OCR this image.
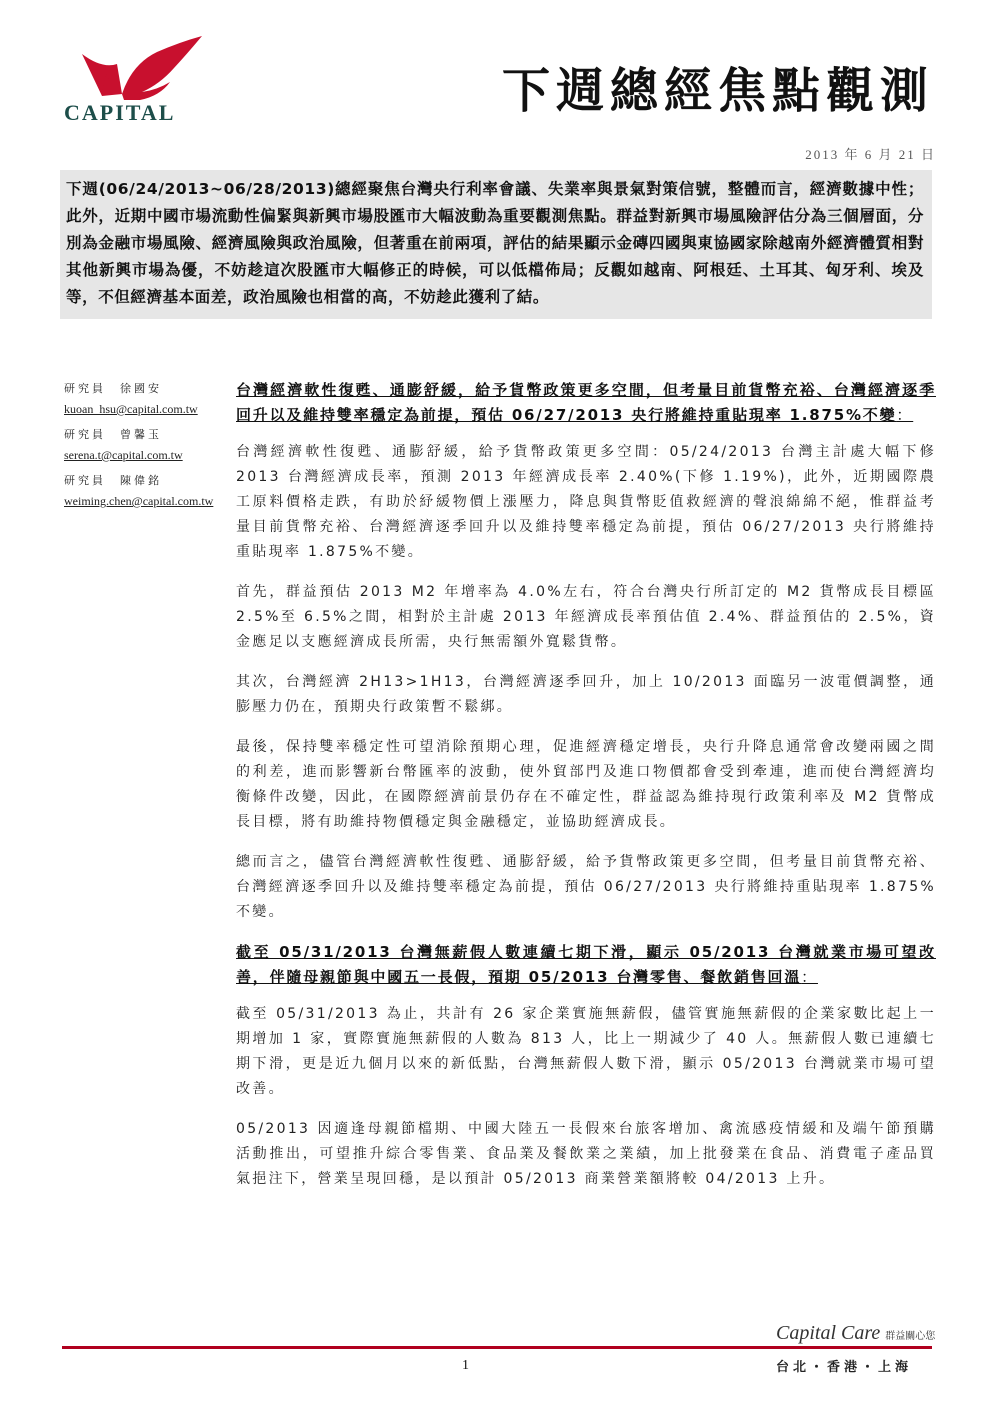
CAPITAL	下週總經焦點觀測
2013 年 6 月 21 日
下週(06/24/2013~06/28/2013)總經聚焦台灣央行利率會議、失業率與景氣對策信號，整體而言，經濟數據中性；此外，近期中國市場流動性偏緊與新興市場股匯市大幅波動為重要觀測焦點。群益對新興市場風險評估分為三個層面，分別為金融市場風險、經濟風險與政治風險，但著重在前兩項，評估的結果顯示金磚四國與東協國家除越南外經濟體質相對其他新興市場為優，不妨趁這次股匯市大幅修正的時候，可以低檔佈局；反觀如越南、阿根廷、土耳其、匈牙利、埃及等，不但經濟基本面差，政治風險也相當的高，不妨趁此獲利了結。
研究員　徐國安
kuoan_hsu@capital.com.tw
研究員　曾馨玉
serena.t@capital.com.tw
研究員　陳偉銘
weiming.chen@capital.com.tw
台灣經濟軟性復甦、通膨舒緩，給予貨幣政策更多空間，但考量目前貨幣充裕、台灣經濟逐季回升以及維持雙率穩定為前提，預估 06/27/2013 央行將維持重貼現率 1.875%不變：

台灣經濟軟性復甦、通膨舒緩，給予貨幣政策更多空間：05/24/2013 台灣主計處大幅下修 2013 台灣經濟成長率，預測 2013 年經濟成長率 2.40%(下修 1.19%)，此外，近期國際農工原料價格走跌，有助於紓緩物價上漲壓力，降息與貨幣貶值救經濟的聲浪綿綿不絕，惟群益考量目前貨幣充裕、台灣經濟逐季回升以及維持雙率穩定為前提，預估 06/27/2013 央行將維持重貼現率 1.875%不變。

首先，群益預估 2013 M2 年增率為 4.0%左右，符合台灣央行所訂定的 M2 貨幣成長目標區 2.5%至 6.5%之間，相對於主計處 2013 年經濟成長率預估值 2.4%、群益預估的 2.5%，資金應足以支應經濟成長所需，央行無需額外寬鬆貨幣。

其次，台灣經濟 2H13>1H13，台灣經濟逐季回升，加上 10/2013 面臨另一波電價調整，通膨壓力仍在，預期央行政策暫不鬆綁。

最後，保持雙率穩定性可望消除預期心理，促進經濟穩定增長，央行升降息通常會改變兩國之間的利差，進而影響新台幣匯率的波動，使外貿部門及進口物價都會受到牽連，進而使台灣經濟均衡條件改變，因此，在國際經濟前景仍存在不確定性，群益認為維持現行政策利率及 M2 貨幣成長目標，將有助維持物價穩定與金融穩定，並協助經濟成長。

總而言之，儘管台灣經濟軟性復甦、通膨舒緩，給予貨幣政策更多空間，但考量目前貨幣充裕、台灣經濟逐季回升以及維持雙率穩定為前提，預估 06/27/2013 央行將維持重貼現率 1.875%不變。

截至 05/31/2013 台灣無薪假人數連續七期下滑，顯示 05/2013 台灣就業市場可望改善，伴隨母親節與中國五一長假，預期 05/2013 台灣零售、餐飲銷售回溫：

截至 05/31/2013 為止，共計有 26 家企業實施無薪假，儘管實施無薪假的企業家數比起上一期增加 1 家，實際實施無薪假的人數為 813 人，比上一期減少了 40 人。無薪假人數已連續七期下滑，更是近九個月以來的新低點，台灣無薪假人數下滑，顯示 05/2013 台灣就業市場可望改善。

05/2013 因適逢母親節檔期、中國大陸五一長假來台旅客增加、禽流感疫情緩和及端午節預購活動推出，可望推升綜合零售業、食品業及餐飲業之業績，加上批發業在食品、消費電子產品買氣挹注下，營業呈現回穩，是以預計 05/2013 商業營業額將較 04/2013 上升。

Capital Care 群益關心您
1	台北・香港・上海
